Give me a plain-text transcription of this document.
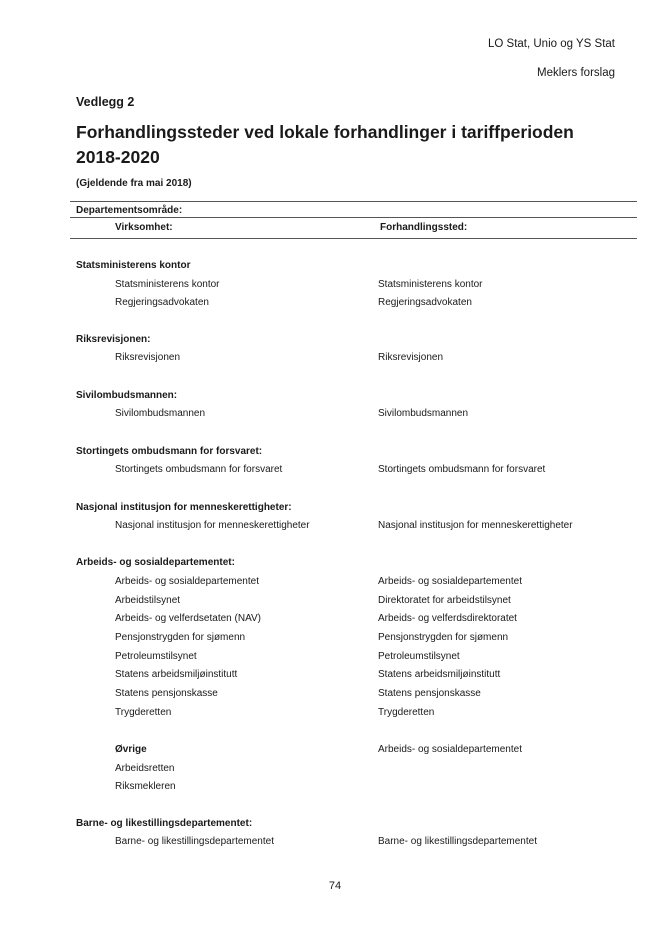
LO Stat, Unio og YS Stat
Meklers forslag
Vedlegg 2
Forhandlingssteder ved lokale forhandlinger i tariffperioden 2018-2020
(Gjeldende fra mai 2018)
Departementsområde:
Virksomhet:	Forhandlingssted:
Statsministerens kontor
Statsministerens kontor	Statsministerens kontor
Regjeringsadvokaten	Regjeringsadvokaten
Riksrevisjonen:
Riksrevisjonen	Riksrevisjonen
Sivilombudsmannen:
Sivilombudsmannen	Sivilombudsmannen
Stortingets ombudsmann for forsvaret:
Stortingets ombudsmann for forsvaret	Stortingets ombudsmann for forsvaret
Nasjonal institusjon for menneskerettigheter:
Nasjonal institusjon for menneskerettigheter	Nasjonal institusjon for menneskerettigheter
Arbeids- og sosialdepartementet:
Arbeids- og sosialdepartementet	Arbeids- og sosialdepartementet
Arbeidstilsynet	Direktoratet for arbeidstilsynet
Arbeids- og velferdsetaten (NAV)	Arbeids- og velferdsdirektoratet
Pensjonstrygden for sjømenn	Pensjonstrygden for sjømenn
Petroleumstilsynet	Petroleumstilsynet
Statens arbeidsmiljøinstitutt	Statens arbeidsmiljøinstitutt
Statens pensjonskasse	Statens pensjonskasse
Trygderetten	Trygderetten
Øvrige	Arbeids- og sosialdepartementet
Arbeidsretten
Riksmekleren
Barne- og likestillingsdepartementet:
Barne- og likestillingsdepartementet	Barne- og likestillingsdepartementet
74
